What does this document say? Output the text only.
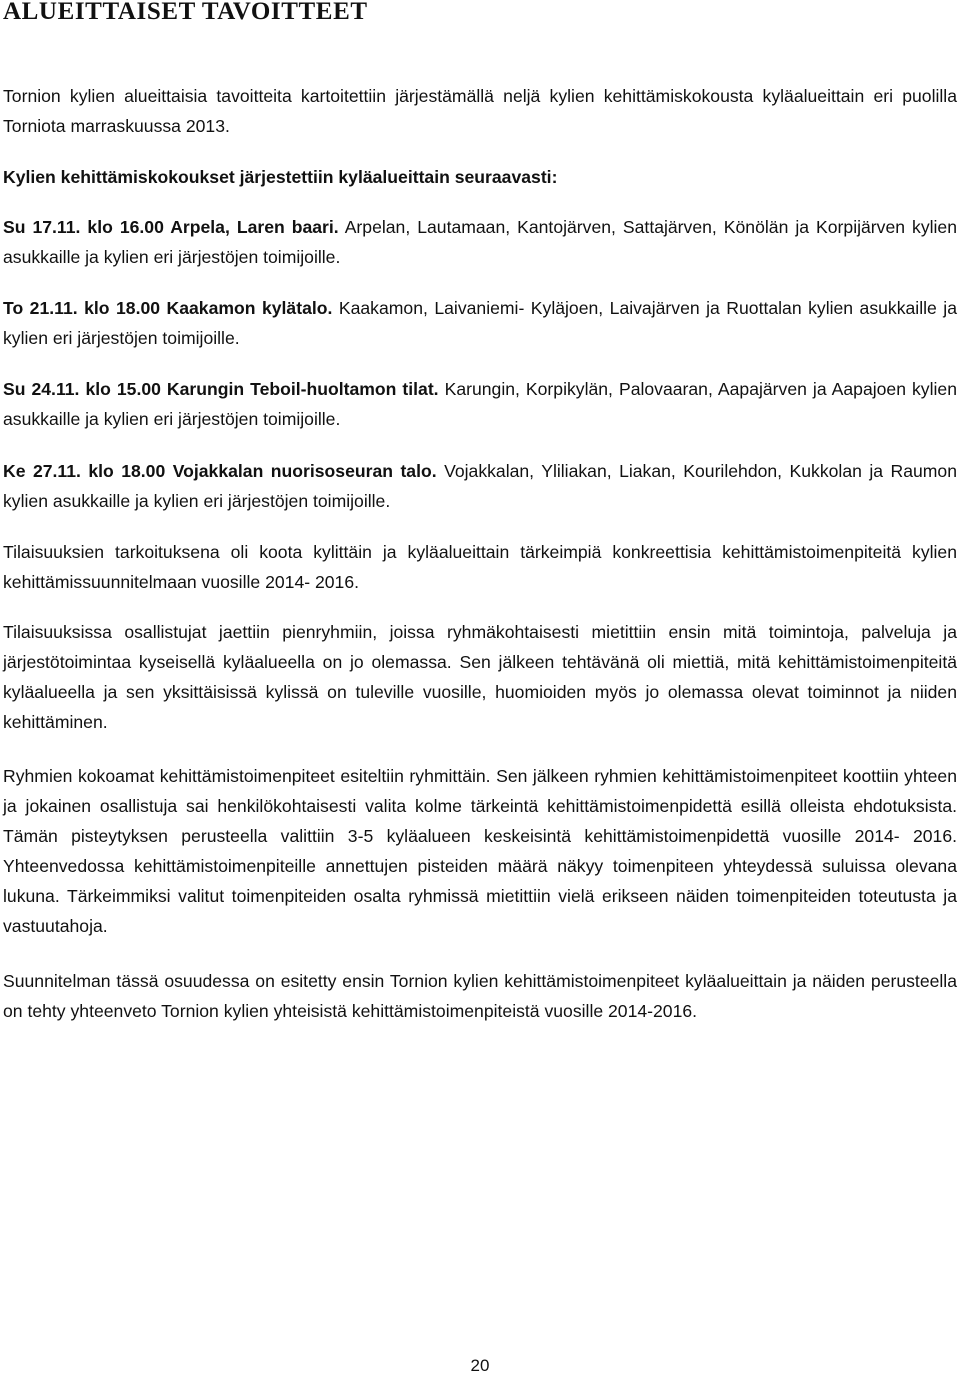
ALUEITTAISET TAVOITTEET

Tornion kylien alueittaisia tavoitteita kartoitettiin järjestämällä neljä kylien kehittämiskokousta kyläalueittain eri puolilla Torniota marraskuussa 2013.

Kylien kehittämiskokoukset järjestettiin kyläalueittain seuraavasti:

Su 17.11. klo 16.00 Arpela, Laren baari. Arpelan, Lautamaan, Kantojärven, Sattajärven, Könölän ja Korpijärven kylien asukkaille ja kylien eri järjestöjen toimijoille.

To 21.11. klo 18.00 Kaakamon kylätalo. Kaakamon, Laivaniemi- Kyläjoen, Laivajärven ja Ruottalan kylien asukkaille ja kylien eri järjestöjen toimijoille.

Su 24.11. klo 15.00 Karungin Teboil-huoltamon tilat. Karungin, Korpikylän, Palovaaran, Aapajärven ja Aapajoen kylien asukkaille ja kylien eri järjestöjen toimijoille.

Ke 27.11. klo 18.00 Vojakkalan nuorisoseuran talo. Vojakkalan, Yliliakan, Liakan, Kourilehdon, Kukkolan ja Raumon kylien asukkaille ja kylien eri järjestöjen toimijoille.

Tilaisuuksien tarkoituksena oli koota kylittäin ja kyläalueittain tärkeimpiä konkreettisia kehittämistoimenpiteitä kylien kehittämissuunnitelmaan vuosille 2014- 2016.

Tilaisuuksissa osallistujat jaettiin pienryhmiin, joissa ryhmäkohtaisesti mietittiin ensin mitä toimintoja, palveluja ja järjestötoimintaa kyseisellä kyläalueella on jo olemassa. Sen jälkeen tehtävänä oli miettiä, mitä kehittämistoimenpiteitä kyläalueella ja sen yksittäisissä kylissä on tuleville vuosille, huomioiden myös jo olemassa olevat toiminnot ja niiden kehittäminen.

Ryhmien kokoamat kehittämistoimenpiteet esiteltiin ryhmittäin. Sen jälkeen ryhmien kehittämistoimenpiteet koottiin yhteen ja jokainen osallistuja sai henkilökohtaisesti valita kolme tärkeintä kehittämistoimenpidettä esillä olleista ehdotuksista. Tämän pisteytyksen perusteella valittiin 3-5 kyläalueen keskeisintä kehittämistoimenpidettä vuosille 2014- 2016. Yhteenvedossa kehittämistoimenpiteille annettujen pisteiden määrä näkyy toimenpiteen yhteydessä suluissa olevana lukuna. Tärkeimmiksi valitut toimenpiteiden osalta ryhmissä mietittiin vielä erikseen näiden toimenpiteiden toteutusta ja vastuutahoja.

Suunnitelman tässä osuudessa on esitetty ensin Tornion kylien kehittämistoimenpiteet kyläalueittain ja näiden perusteella on tehty yhteenveto Tornion kylien yhteisistä kehittämistoimenpiteistä vuosille 2014-2016.

20
